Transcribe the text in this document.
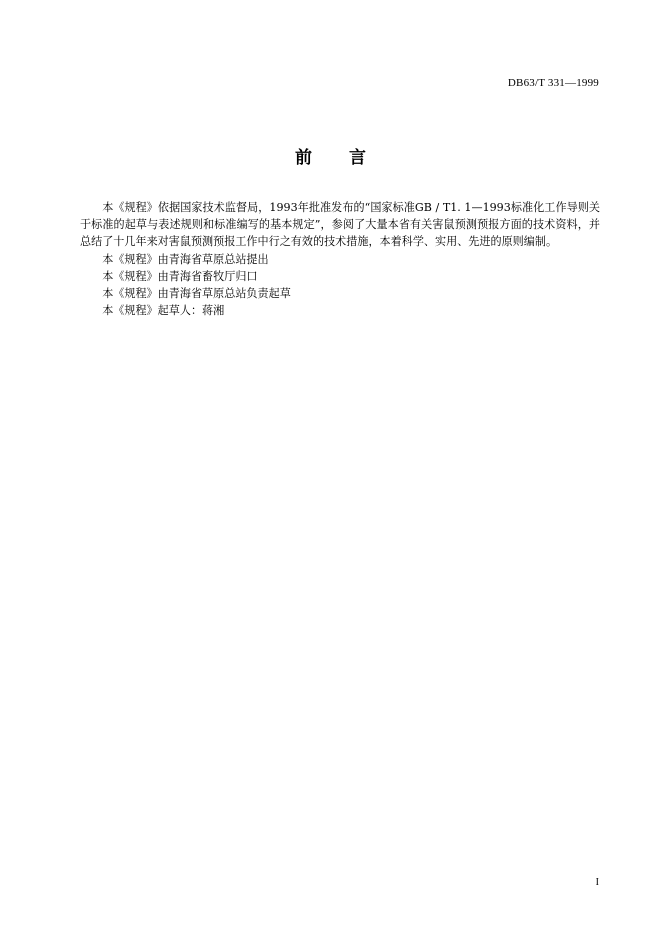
DB63/T 331—1999
前　　言

本《规程》依据国家技术监督局，1993年批准发布的“国家标准GB / T1. 1—1993标准化工作导则关于标准的起草与表述规则和标准编写的基本规定”，参阅了大量本省有关害鼠预测预报方面的技术资料，并总结了十几年来对害鼠预测预报工作中行之有效的技术措施，本着科学、实用、先进的原则编制。

本《规程》由青海省草原总站提出

本《规程》由青海省畜牧厅归口

本《规程》由青海省草原总站负责起草

本《规程》起草人：蒋湘

I
